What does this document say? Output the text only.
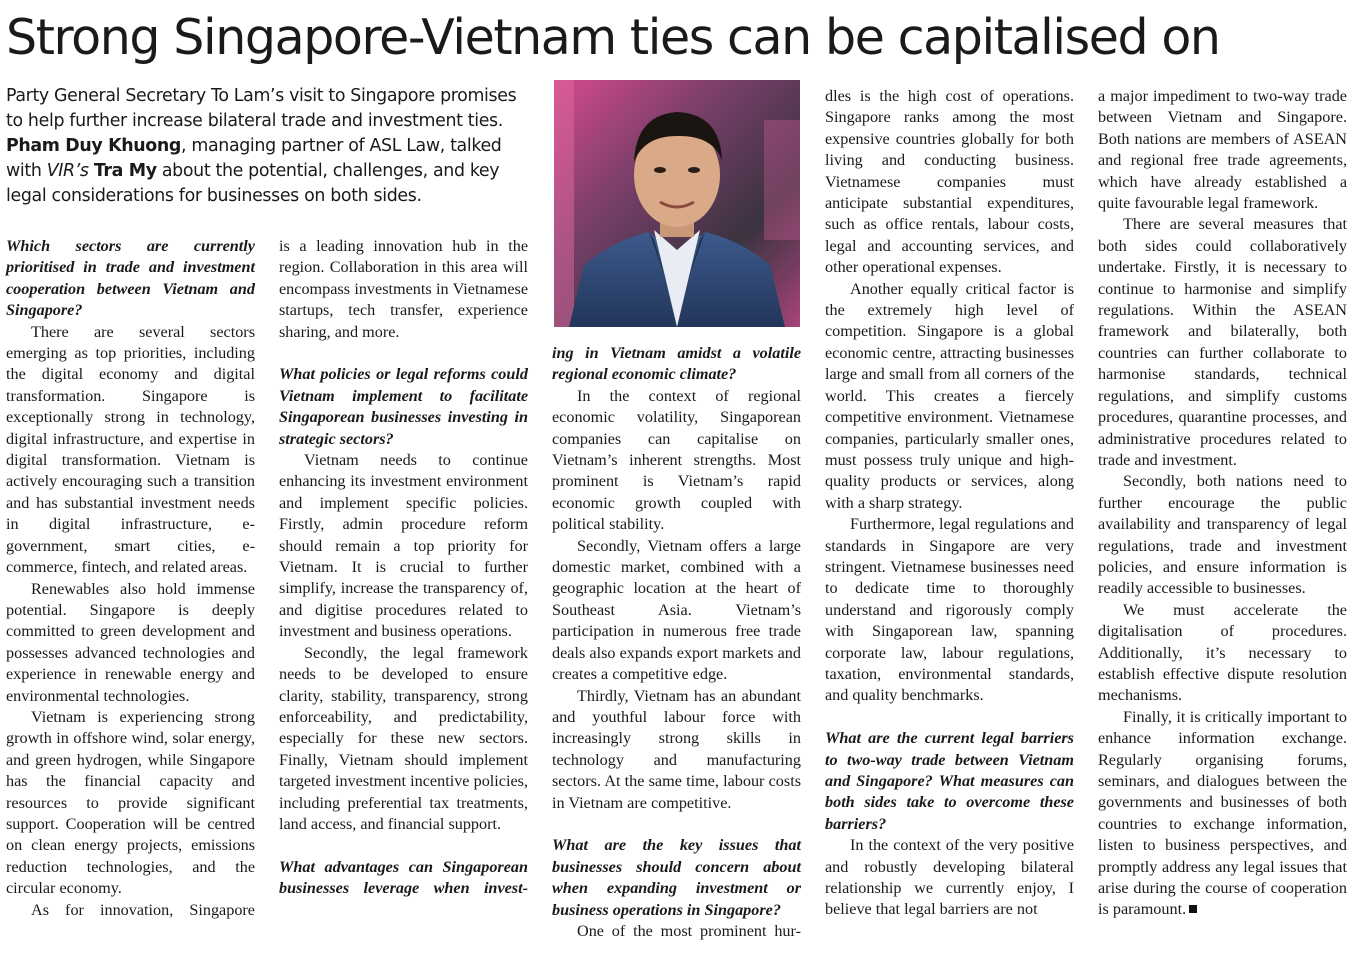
Strong Singapore-Vietnam ties can be capitalised on
Party General Secretary To Lam’s visit to Singapore promises to help further increase bilateral trade and investment ties. Pham Duy Khuong, managing partner of ASL Law, talked with VIR’s Tra My about the potential, challenges, and key legal considerations for businesses on both sides.

Which sectors are currently prioritised in trade and investment cooperation between Vietnam and Singapore?

There are several sectors emerging as top priorities, including the digital economy and digital transformation. Singapore is exceptionally strong in technology, digital infrastructure, and expertise in digital transformation. Vietnam is actively encouraging such a transition and has substantial investment needs in digital infrastructure, e-government, smart cities, e-commerce, fintech, and related areas.

Renewables also hold immense potential. Singapore is deeply committed to green development and possesses advanced technologies and experience in renewable energy and environmental technologies.

Vietnam is experiencing strong growth in offshore wind, solar energy, and green hydrogen, while Singapore has the financial capacity and resources to provide significant support. Cooperation will be centred on clean energy projects, emissions reduction technologies, and the circular economy.

As for innovation, Singapore

is a leading innovation hub in the region. Collaboration in this area will encompass investments in Vietnamese startups, tech transfer, experience sharing, and more.

What policies or legal reforms could Vietnam implement to facilitate Singaporean businesses investing in strategic sectors?

Vietnam needs to continue enhancing its investment environment and implement specific policies. Firstly, admin procedure reform should remain a top priority for Vietnam. It is crucial to further simplify, increase the transparency of, and digitise procedures related to investment and business operations.

Secondly, the legal framework needs to be developed to ensure clarity, stability, transparency, strong enforceability, and predictability, especially for these new sectors. Finally, Vietnam should implement targeted investment incentive policies, including preferential tax treatments, land access, and financial support.

What advantages can Singaporean businesses leverage when invest-

ing in Vietnam amidst a volatile regional economic climate?

In the context of regional economic volatility, Singaporean companies can capitalise on Vietnam’s inherent strengths. Most prominent is Vietnam’s rapid economic growth coupled with political stability.

Secondly, Vietnam offers a large domestic market, combined with a geographic location at the heart of Southeast Asia. Vietnam’s participation in numerous free trade deals also expands export markets and creates a competitive edge.

Thirdly, Vietnam has an abundant and youthful labour force with increasingly strong skills in technology and manufacturing sectors. At the same time, labour costs in Vietnam are competitive.

What are the key issues that businesses should concern about when expanding investment or business operations in Singapore?

One of the most prominent hur-

dles is the high cost of operations. Singapore ranks among the most expensive countries globally for both living and conducting business. Vietnamese companies must anticipate substantial expenditures, such as office rentals, labour costs, legal and accounting services, and other operational expenses.

Another equally critical factor is the extremely high level of competition. Singapore is a global economic centre, attracting businesses large and small from all corners of the world. This creates a fiercely competitive environment. Vietnamese companies, particularly smaller ones, must possess truly unique and high-quality products or services, along with a sharp strategy.

Furthermore, legal regulations and standards in Singapore are very stringent. Vietnamese businesses need to dedicate time to thoroughly understand and rigorously comply with Singaporean law, spanning corporate law, labour regulations, taxation, environmental standards, and quality benchmarks.

What are the current legal barriers to two-way trade between Vietnam and Singapore? What measures can both sides take to overcome these barriers?

In the context of the very positive and robustly developing bilateral relationship we currently enjoy, I believe that legal barriers are not

a major impediment to two-way trade between Vietnam and Singapore. Both nations are members of ASEAN and regional free trade agreements, which have already established a quite favourable legal framework.

There are several measures that both sides could collaboratively undertake. Firstly, it is necessary to continue to harmonise and simplify regulations. Within the ASEAN framework and bilaterally, both countries can further collaborate to harmonise standards, technical regulations, and simplify customs procedures, quarantine processes, and administrative procedures related to trade and investment.

Secondly, both nations need to further encourage the public availability and transparency of legal regulations, trade and investment policies, and ensure information is readily accessible to businesses.

We must accelerate the digitalisation of procedures. Additionally, it’s necessary to establish effective dispute resolution mechanisms.

Finally, it is critically important to enhance information exchange. Regularly organising forums, seminars, and dialogues between the governments and businesses of both countries to exchange information, listen to business perspectives, and promptly address any legal issues that arise during the course of cooperation is paramount.
